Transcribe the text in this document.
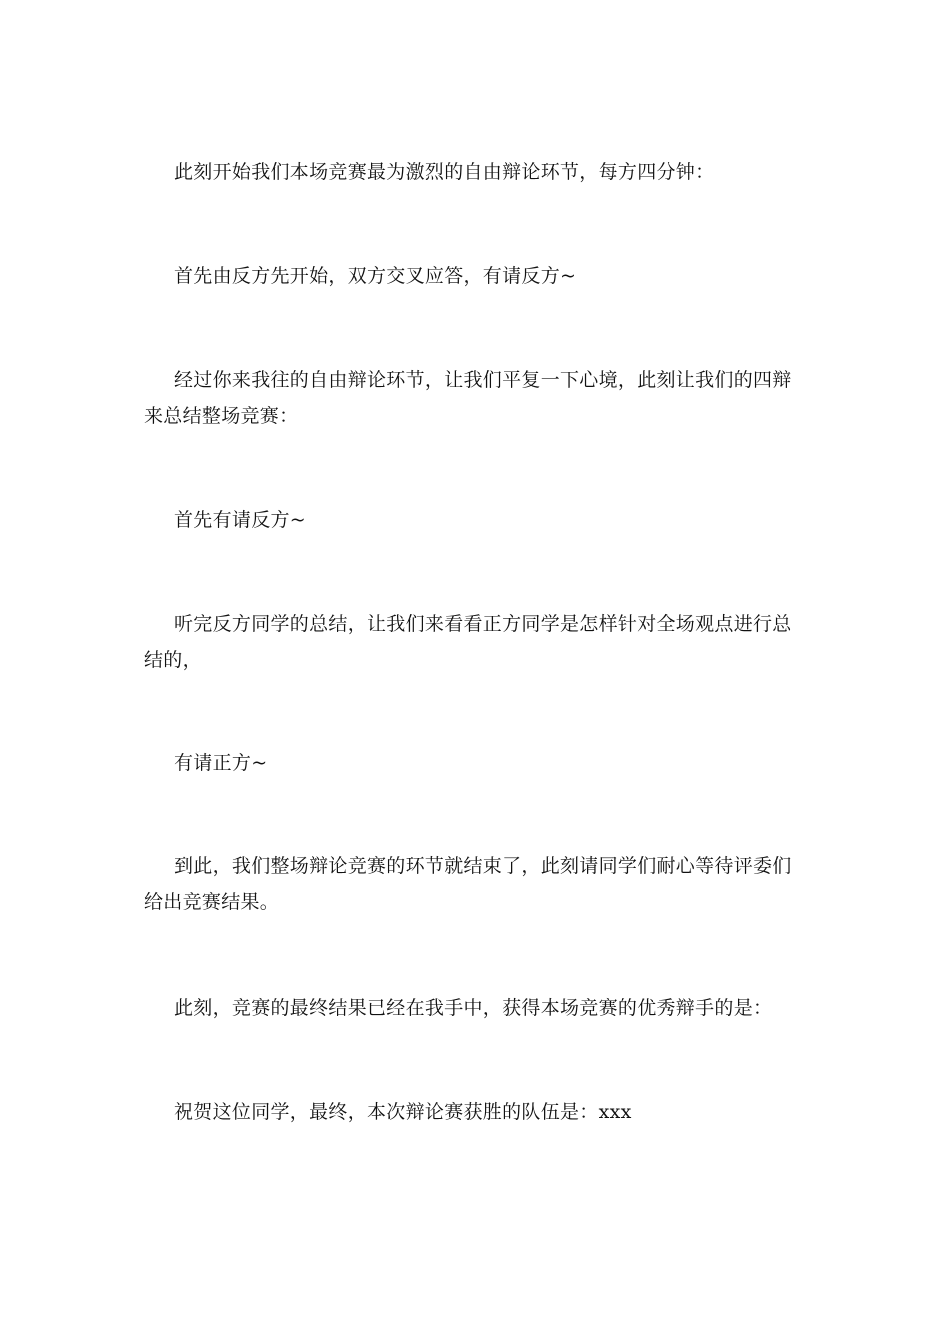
此刻开始我们本场竞赛最为激烈的自由辩论环节，每方四分钟：

首先由反方先开始，双方交叉应答，有请反方~

经过你来我往的自由辩论环节，让我们平复一下心境，此刻让我们的四辩来总结整场竞赛：

首先有请反方~

听完反方同学的总结，让我们来看看正方同学是怎样针对全场观点进行总结的，

有请正方~

到此，我们整场辩论竞赛的环节就结束了，此刻请同学们耐心等待评委们给出竞赛结果。

此刻，竞赛的最终结果已经在我手中，获得本场竞赛的优秀辩手的是：

祝贺这位同学，最终，本次辩论赛获胜的队伍是：xxx
